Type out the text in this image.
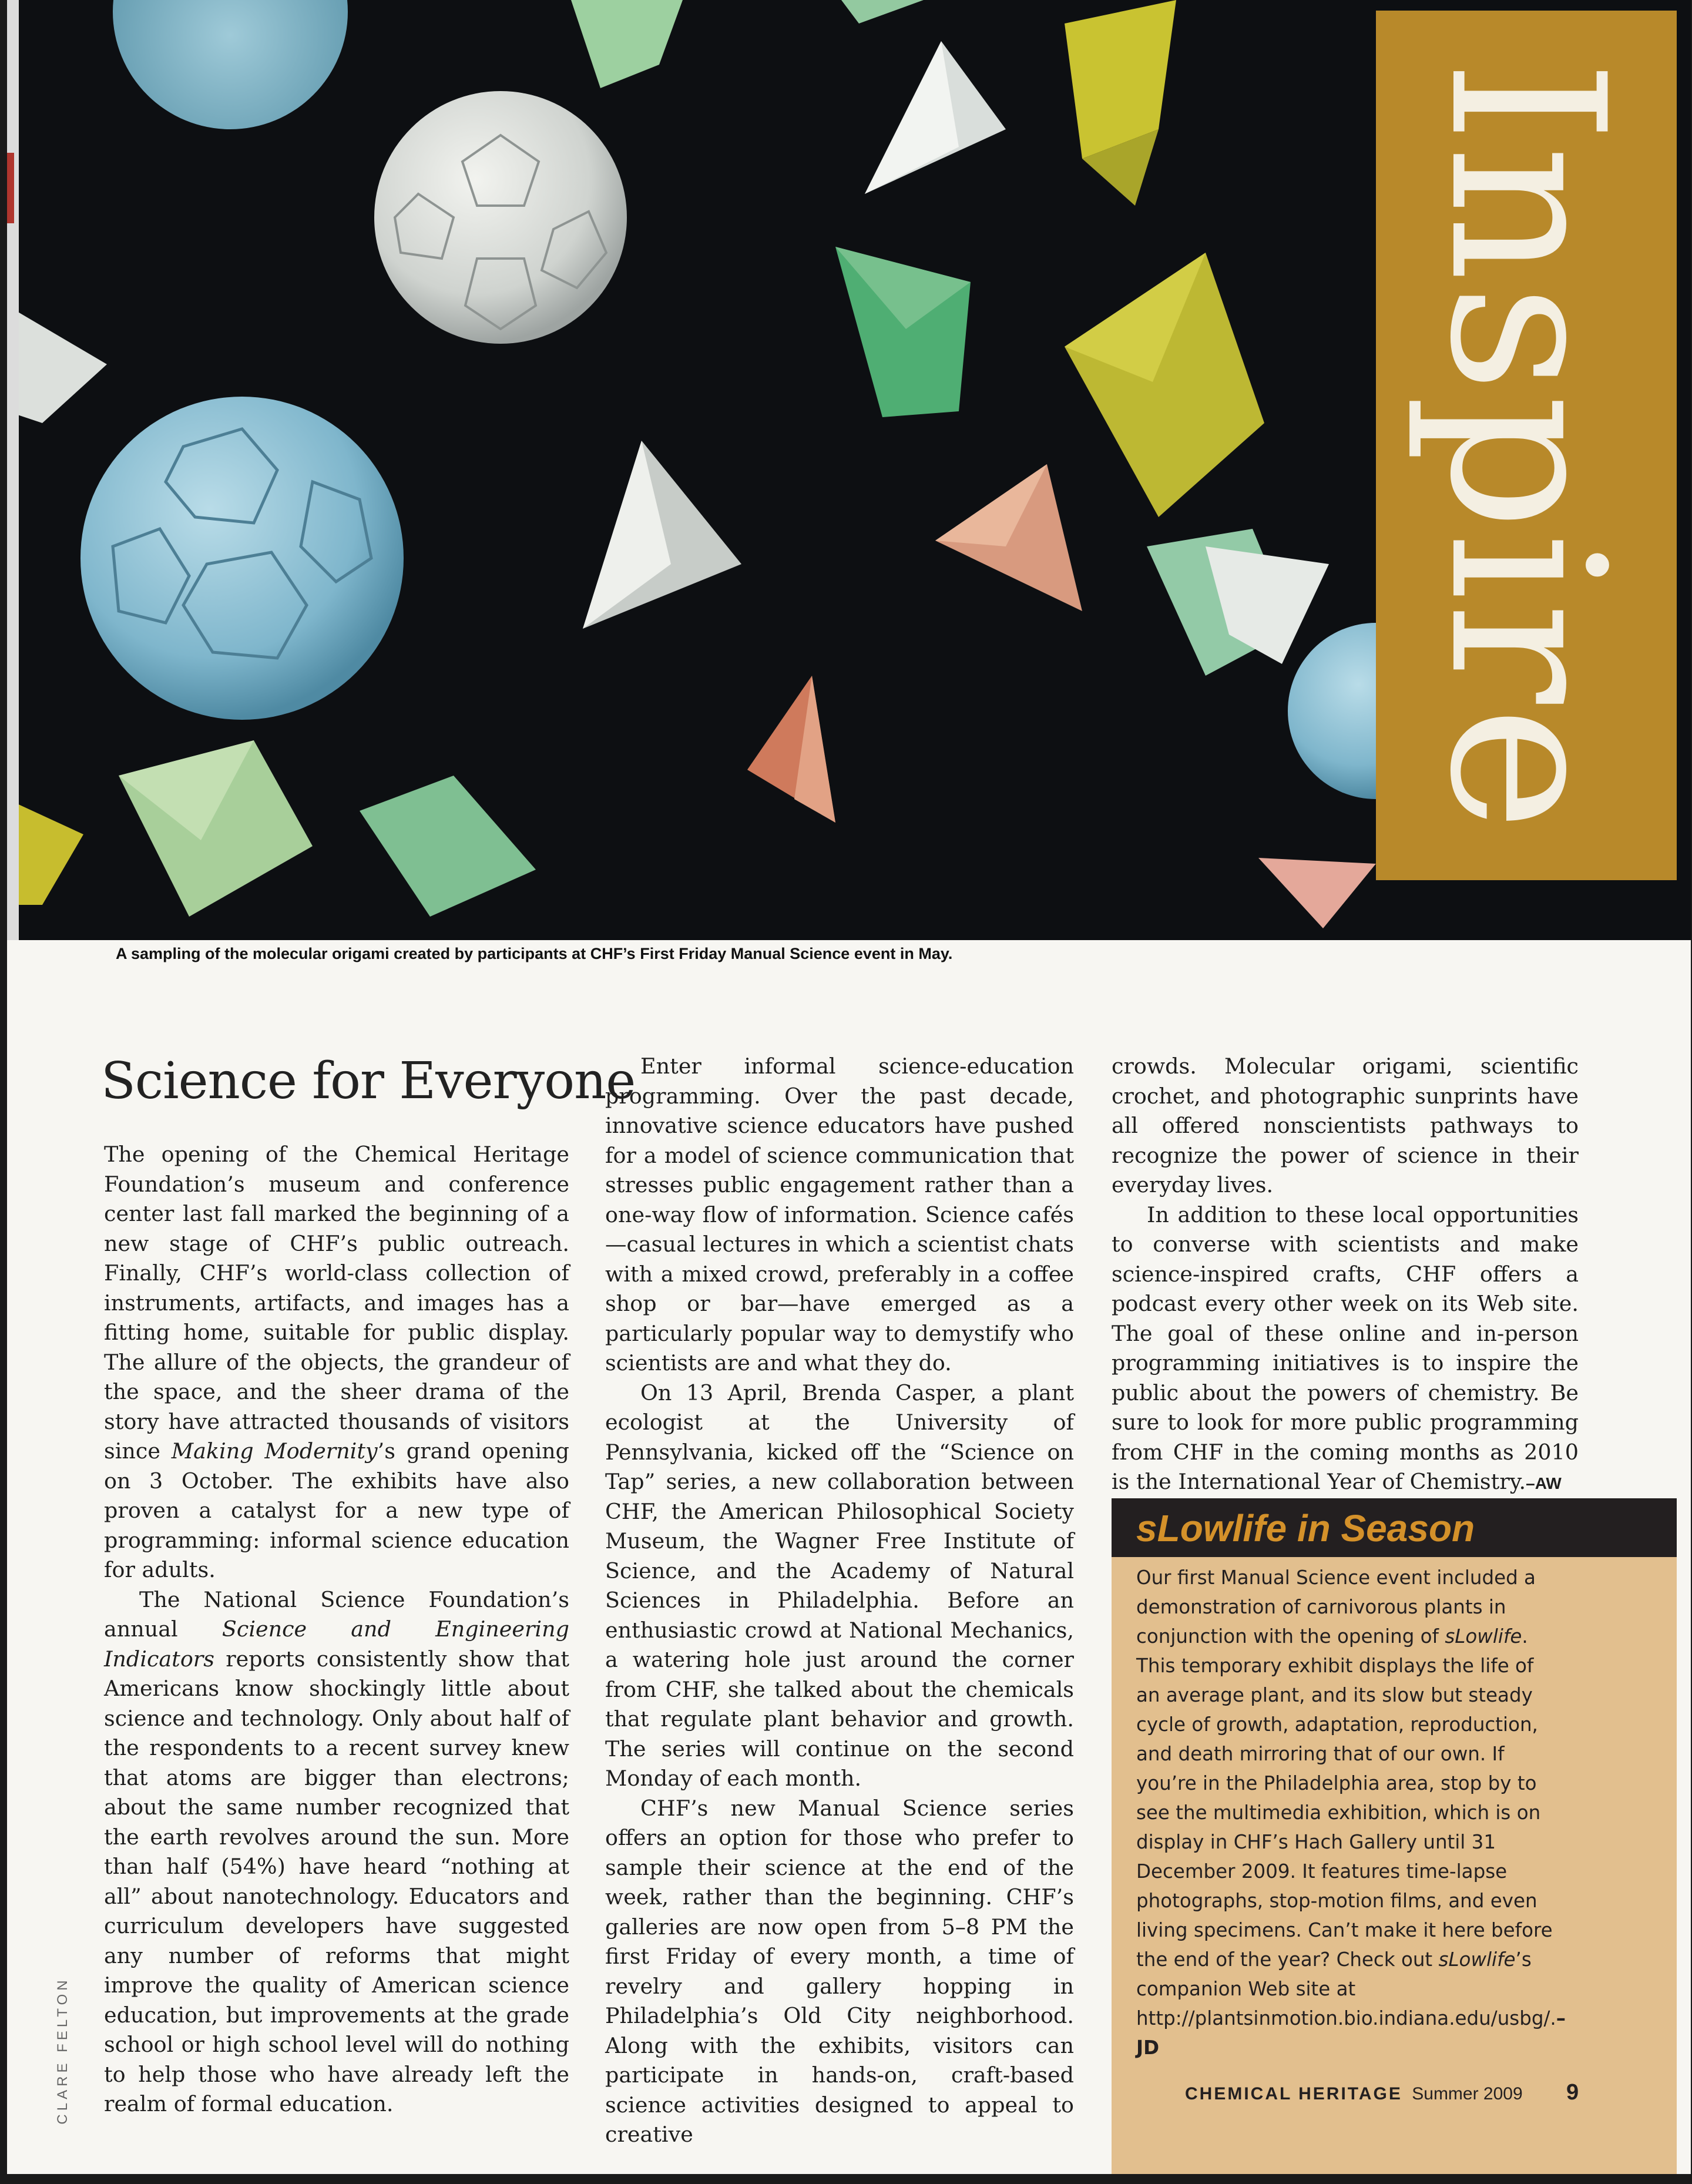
Inspire
A sampling of the molecular origami created by participants at CHF’s First Friday Manual Science event in May.
Science for Everyone

The opening of the Chemical Heritage Foundation’s museum and conference center last fall marked the beginning of a new stage of CHF’s public outreach. Finally, CHF’s world-class collection of instruments, artifacts, and images has a fitting home, suitable for public display. The allure of the objects, the grandeur of the space, and the sheer drama of the story have attracted thousands of visitors since Making Modernity’s grand opening on 3 October. The exhibits have also proven a catalyst for a new type of programming: informal science education for adults.

The National Science Foundation’s annual Science and Engineering Indicators reports consistently show that Americans know shockingly little about science and technology. Only about half of the respondents to a recent survey knew that atoms are bigger than electrons; about the same number recognized that the earth revolves around the sun. More than half (54%) have heard “nothing at all” about nanotechnology. Educators and curriculum developers have suggested any number of reforms that might improve the quality of American science education, but improvements at the grade school or high school level will do nothing to help those who have already left the realm of formal education.

Enter informal science-education programming. Over the past decade, innovative science educators have pushed for a model of science communication that stresses public engagement rather than a one-way flow of information. Science cafés—casual lectures in which a scientist chats with a mixed crowd, preferably in a coffee shop or bar—have emerged as a particularly popular way to demystify who scientists are and what they do.

On 13 April, Brenda Casper, a plant ecologist at the University of Pennsylvania, kicked off the “Science on Tap” series, a new collaboration between CHF, the American Philosophical Society Museum, the Wagner Free Institute of Science, and the Academy of Natural Sciences in Philadelphia. Before an enthusiastic crowd at National Mechanics, a watering hole just around the corner from CHF, she talked about the chemicals that regulate plant behavior and growth. The series will continue on the second Monday of each month.

CHF’s new Manual Science series offers an option for those who prefer to sample their science at the end of the week, rather than the beginning. CHF’s galleries are now open from 5–8 PM the first Friday of every month, a time of revelry and gallery hopping in Philadelphia’s Old City neighborhood. Along with the exhibits, visitors can participate in hands-on, craft-based science activities designed to appeal to creative

crowds. Molecular origami, scientific crochet, and photographic sunprints have all offered nonscientists pathways to recognize the power of science in their everyday lives.

In addition to these local opportunities to converse with scientists and make science-inspired crafts, CHF offers a podcast every other week on its Web site. The goal of these online and in-person programming initiatives is to inspire the public about the powers of chemistry. Be sure to look for more public programming from CHF in the coming months as 2010 is the International Year of Chemistry.–AW

sLowlife in Season
Our first Manual Science event included a demonstration of carnivorous plants in conjunction with the opening of sLowlife. This temporary exhibit displays the life of an average plant, and its slow but steady cycle of growth, adaptation, reproduction, and death mirroring that of our own. If you’re in the Philadelphia area, stop by to see the multimedia exhibition, which is on display in CHF’s Hach Gallery until 31 December 2009. It features time-lapse photographs, stop-motion films, and even living specimens. Can’t make it here before the end of the year? Check out sLowlife’s companion Web site at http://plantsinmotion.bio.indiana.edu/usbg/.–JD
CHEMICAL HERITAGE Summer 2009 9
CLARE FELTON
